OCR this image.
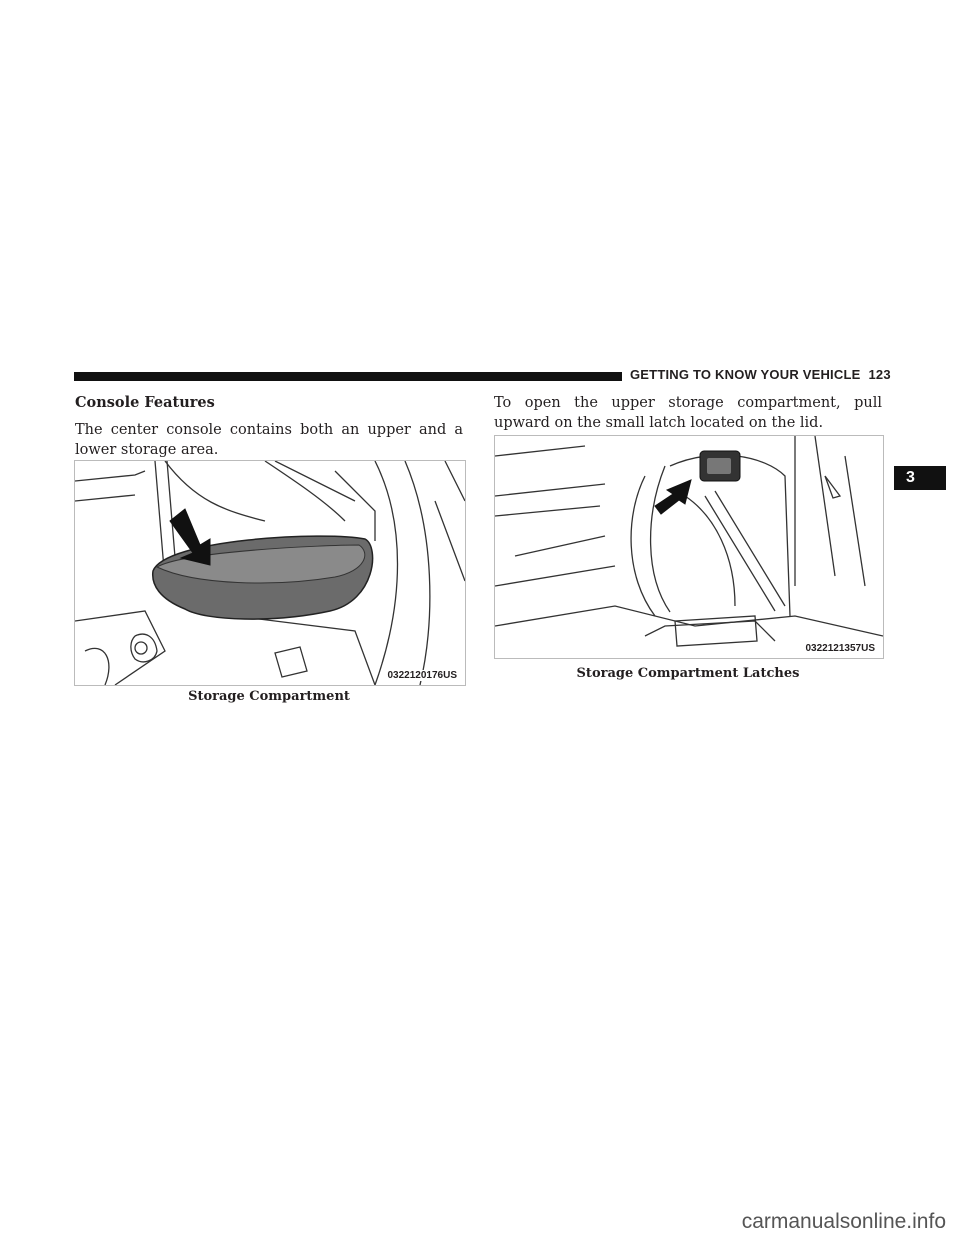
GETTING TO KNOW YOUR VEHICLE 123
3
Console Features

The center console contains both an upper and a lower storage area.

0322120176US
Storage Compartment

To open the upper storage compartment, pull upward on the small latch located on the lid.

0322121357US
Storage Compartment Latches
carmanualsonline.info
